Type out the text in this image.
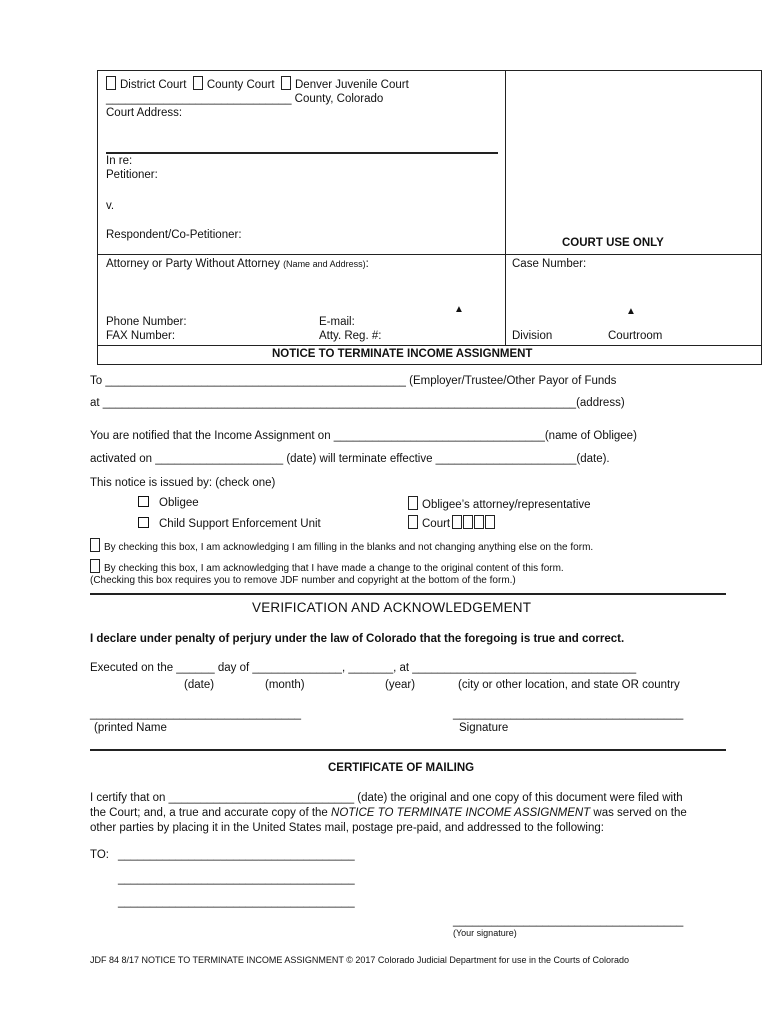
District Court County Court Denver Juvenile Court
_____________________________ County, Colorado
Court Address:
In re:
Petitioner:
v.
Respondent/Co-Petitioner:
COURT USE ONLY
Attorney or Party Without Attorney (Name and Address):	Case Number:
▲	▲
Phone Number:	E-mail:
FAX Number:	Atty. Reg. #:	Division	Courtroom
NOTICE TO TERMINATE INCOME ASSIGNMENT
To _______________________________________________ (Employer/Trustee/Other Payor of Funds
at __________________________________________________________________________(address)
You are notified that the Income Assignment on _________________________________(name of Obligee)
activated on ____________________ (date) will terminate effective ______________________(date).
This notice is issued by: (check one)
Obligee
Child Support Enforcement Unit
Obligee’s attorney/representative
Court
By checking this box, I am acknowledging I am filling in the blanks and not changing anything else on the form.
By checking this box, I am acknowledging that I have made a change to the original content of this form.
(Checking this box requires you to remove JDF number and copyright at the bottom of the form.)
VERIFICATION AND ACKNOWLEDGEMENT
I declare under penalty of perjury under the law of Colorado that the foregoing is true and correct.
Executed on the ______ day of ______________, _______, at ___________________________________
(date)	(month)	(year)	(city or other location, and state OR country
_________________________________	____________________________________
(printed Name	Signature
CERTIFICATE OF MAILING
I certify that on _____________________________ (date) the original and one copy of this document were filed with
the Court; and, a true and accurate copy of the NOTICE TO TERMINATE INCOME ASSIGNMENT was served on the
other parties by placing it in the United States mail, postage pre-paid, and addressed to the following:
TO: _____________________________________
_____________________________________
_____________________________________
____________________________________
(Your signature)
JDF 84 8/17 NOTICE TO TERMINATE INCOME ASSIGNMENT © 2017 Colorado Judicial Department for use in the Courts of Colorado
